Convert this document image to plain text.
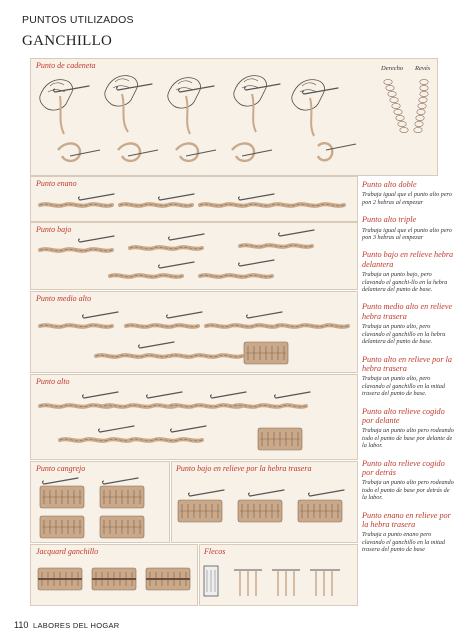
PUNTOS UTILIZADOS
GANCHILLO
Punto de cadeneta	Derecho Revés
Punto enano
Punto bajo
Punto medio alto
Punto alto
Punto cangrejo	Punto bajo en relieve por la hebra trasera
Jacquard ganchillo	Flecos

Punto alto doble

Trabaja igual que el punto alto pero pon 2 hebras al empezar

Punto alto triple

Trabaja igual que el punto alto pero pon 3 hebras al empezar

Punto bajo en relieve hebra delantera

Trabaja un punto bajo, pero clavando el ganchi-llo en la hebra delantera del punto de base.

Punto medio alto en relieve hebra trasera

Trabaja un punto alto, pero clavando el ganchillo en la hebra delantera del punto de base.

Punto alto en relieve por la hebra trasera

Trabaja un punto alto, pero clavando el ganchillo en la mitad trasera del punto de base.

Punto alto relieve cogido por delante

Trabaja un punto alto pero rodeando todo el punto de base por delante de la labor.

Punto alto relieve cogido por detrás

Trabaja un punto alto pero rodeando todo el punto de base por detrás de la labor.

Punto enano en relieve por la hebra trasera

Trabaja a punto enano pero clavando el ganchillo en la mitad trasera del punto de base

110 LABORES DEL HOGAR
